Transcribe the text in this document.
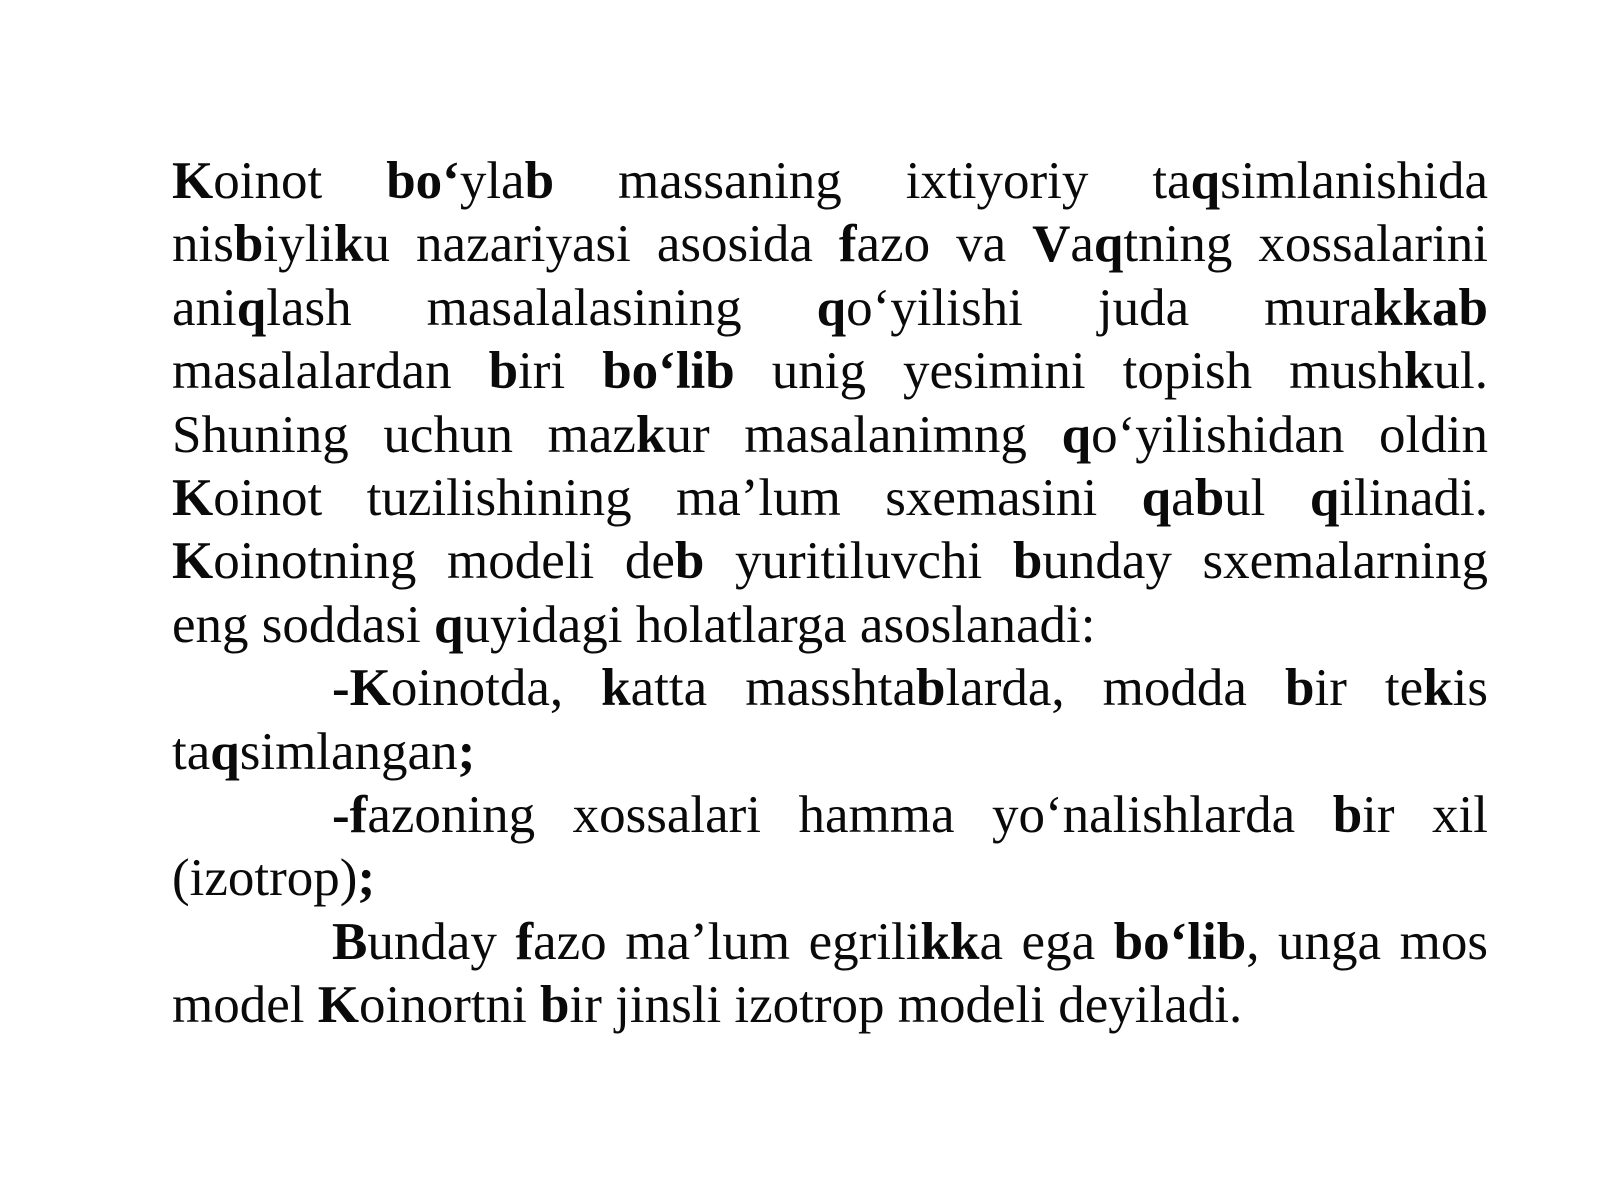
Koinot bo‘ylab massaning ixtiyoriy taqsimlanishida nisbiyliku nazariyasi asosida fazo va Vaqtning xossalarini aniqlash masalalasining qo‘yilishi juda murakkab masalalardan biri bo‘lib unig yesimini topish mushkul. Shuning uchun mazkur masalanimng qo‘yilishidan oldin Koinot tuzilishining ma’lum sxemasini qabul qilinadi. Koinotning modeli deb yuritiluvchi bunday sxemalarning eng soddasi quyidagi holatlarga asoslanadi:

-Koinotda, katta masshtablarda, modda bir tekis taqsimlangan;

-fazoning xossalari hamma yo‘nalishlarda bir xil (izotrop);

Bunday fazo ma’lum egrilikka ega bo‘lib, unga mos model Koinortni bir jinsli izotrop modeli deyiladi.
